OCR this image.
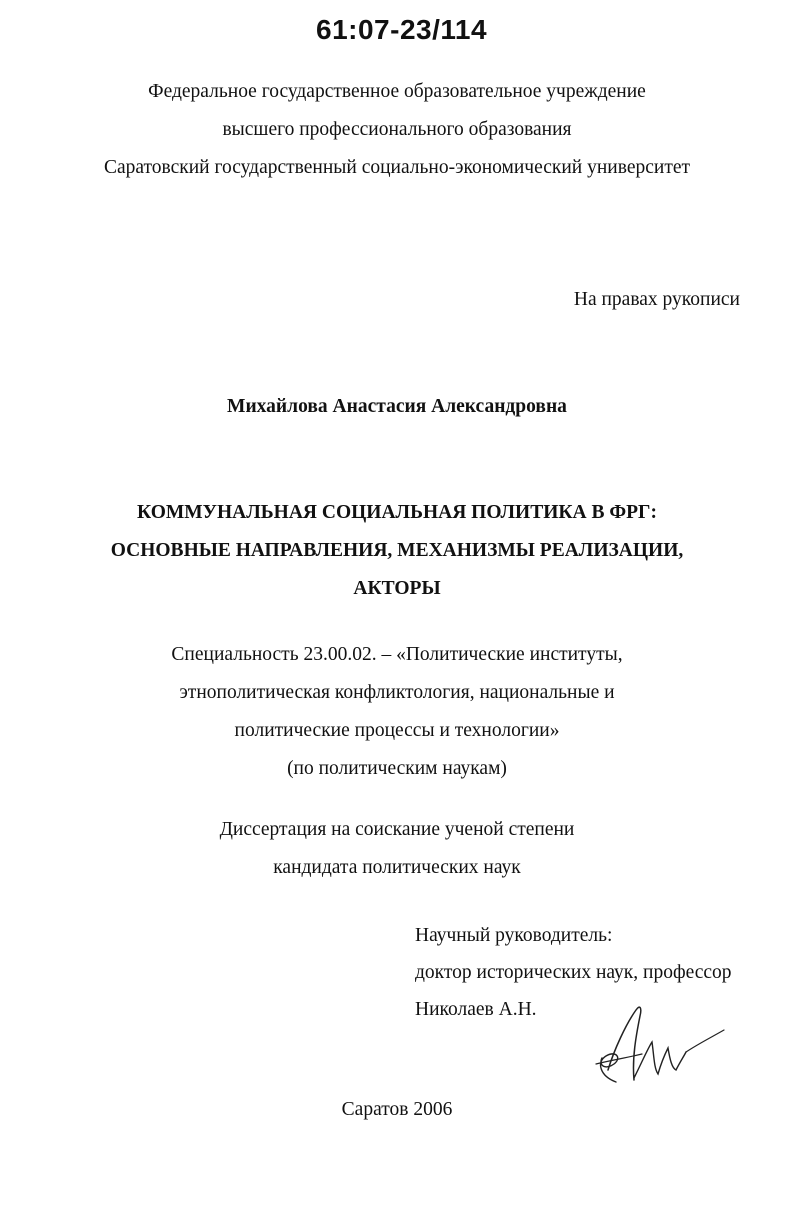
61:07-23/114
Федеральное государственное образовательное учреждение
высшего профессионального образования
Саратовский государственный социально-экономический университет
На правах рукописи
Михайлова Анастасия Александровна
КОММУНАЛЬНАЯ СОЦИАЛЬНАЯ ПОЛИТИКА В ФРГ:
ОСНОВНЫЕ НАПРАВЛЕНИЯ, МЕХАНИЗМЫ РЕАЛИЗАЦИИ,
АКТОРЫ
Специальность 23.00.02. – «Политические институты,
этнополитическая конфликтология, национальные и
политические процессы и технологии»
(по политическим наукам)
Диссертация на соискание ученой степени
кандидата политических наук
Научный руководитель:
доктор исторических наук, профессор
Николаев А.Н.
Саратов 2006
